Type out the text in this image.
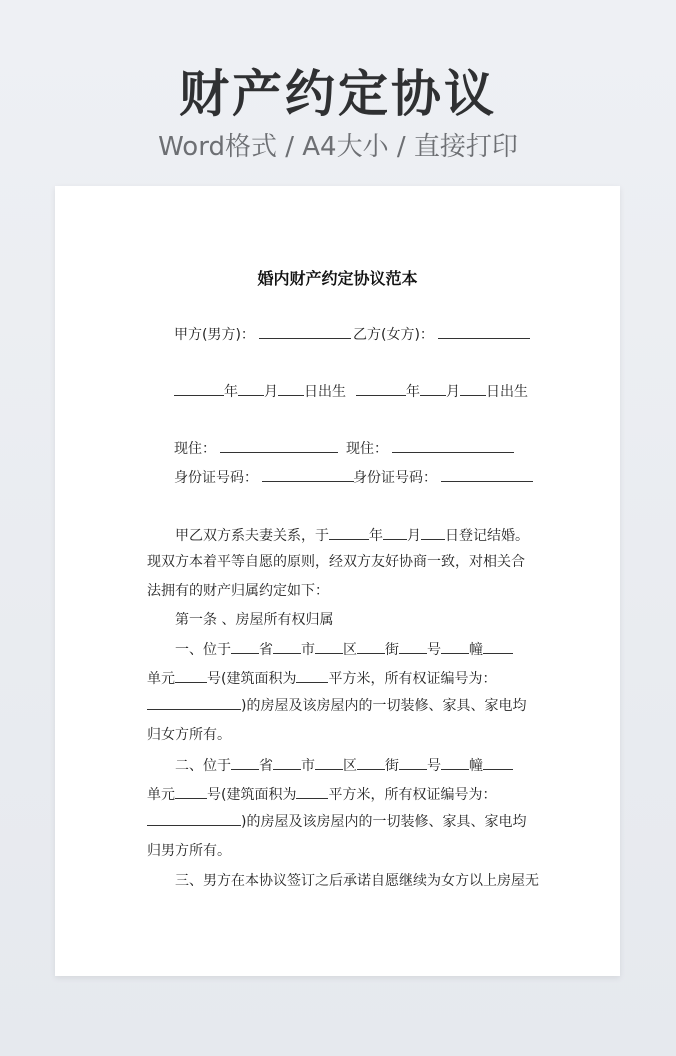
财产约定协议
Word格式 / A4大小 / 直接打印
婚内财产约定协议范本
甲方(男方)：	乙方(女方)：
年 月 日出生	年 月 日出生
现住：	现住：
身份证号码：	身份证号码：
甲乙双方系夫妻关系，于	年 月 日登记结婚。
现双方本着平等自愿的原则，经双方友好协商一致，对相关合法拥有的财产归属约定如下：
第一条 、房屋所有权归属
一、位于 省 市 区 街 号 幢
单元 号(建筑面积为 平方米，所有权证编号为：
)的房屋及该房屋内的一切装修、家具、家电均归女方所有。
二、位于 省 市 区 街 号 幢
单元 号(建筑面积为 平方米，所有权证编号为：
)的房屋及该房屋内的一切装修、家具、家电均归男方所有。
三、男方在本协议签订之后承诺自愿继续为女方以上房屋无
